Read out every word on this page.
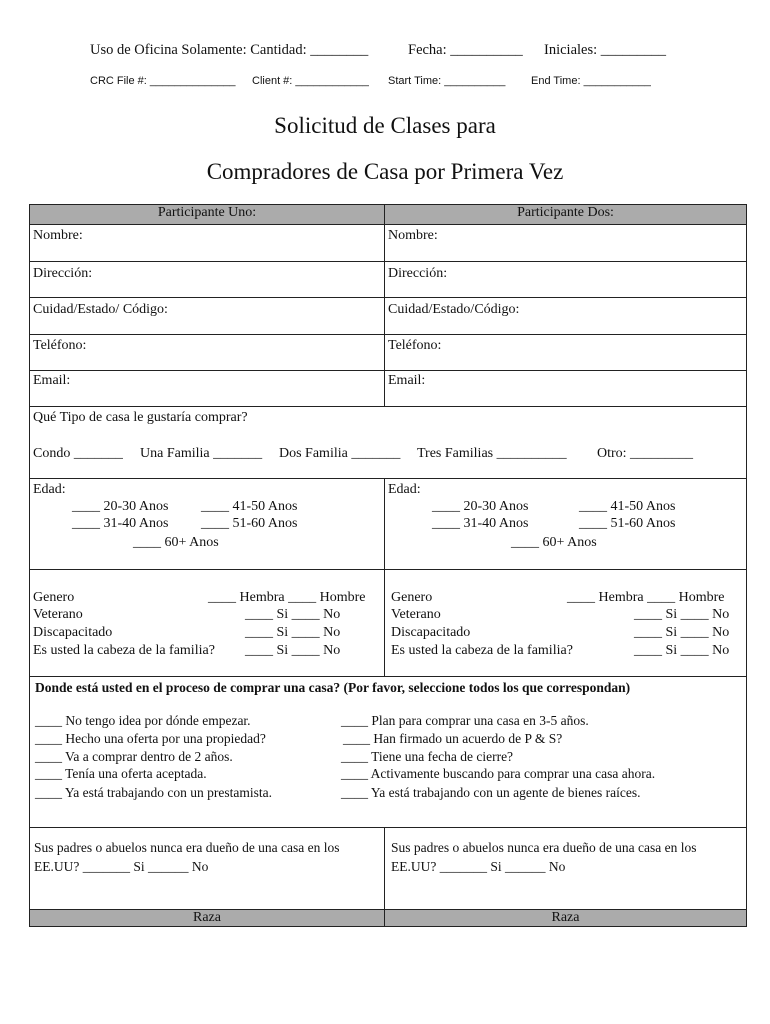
Uso de Oficina Solamente: Cantidad: ________	Fecha: __________ Iniciales: _________
CRC File #: ______________ Client #: ____________ Start Time: __________ End Time: ___________
Solicitud de Clases para
Compradores de Casa por Primera Vez
Participante Uno:	Participante Dos:
Nombre:	Nombre:
Dirección:	Dirección:
Cuidad/Estado/ Código:	Cuidad/Estado/Código:
Teléfono:	Teléfono:
Email:	Email:
Qué Tipo de casa le gustaría comprar?
Condo _______ Una Familia _______ Dos Familia _______ Tres Familias __________ Otro: _________
Edad:
____ 20-30 Anos ____ 41-50 Anos
____ 31-40 Anos ____ 51-60 Anos
____ 60+ Anos
Edad:
____ 20-30 Anos	____ 41-50 Anos
____ 31-40 Anos	____ 51-60 Anos
____ 60+ Anos
Genero	____ Hembra ____ Hombre
Veterano	____ Si ____ No
Discapacitado	____ Si ____ No
Es usted la cabeza de la familia? ____ Si ____ No
Genero	____ Hembra ____ Hombre
Veterano	____ Si ____ No
Discapacitado	____ Si ____ No
Es usted la cabeza de la familia?	____ Si ____ No
Donde está usted en el proceso de comprar una casa? (Por favor, seleccione todos los que correspondan)
____ No tengo idea por dónde empezar.
____ Hecho una oferta por una propiedad?
____ Va a comprar dentro de 2 años.
____ Tenía una oferta aceptada.
____ Ya está trabajando con un prestamista.
____ Plan para comprar una casa en 3-5 años.
____ Han firmado un acuerdo de P & S?
____ Tiene una fecha de cierre?
____ Activamente buscando para comprar una casa ahora.
____ Ya está trabajando con un agente de bienes raíces.
Sus padres o abuelos nunca era dueño de una casa en los
EE.UU? _______ Si ______ No
Sus padres o abuelos nunca era dueño de una casa en los
EE.UU? _______ Si ______ No
Raza	Raza
